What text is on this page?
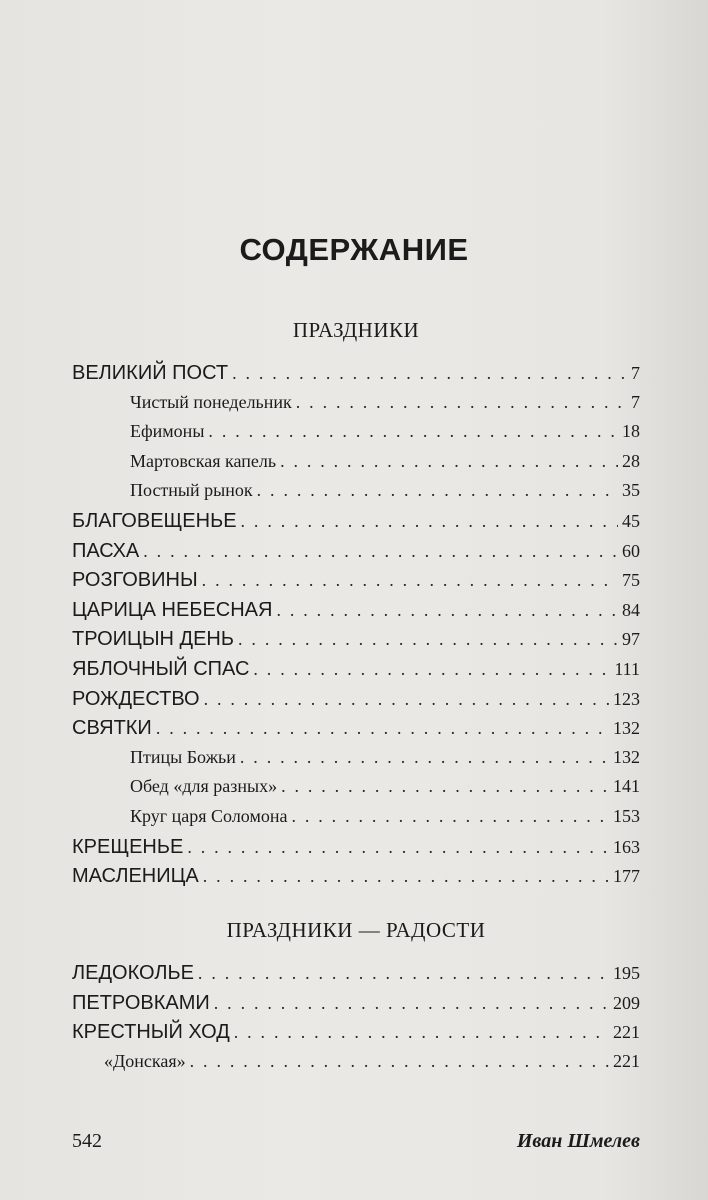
СОДЕРЖАНИЕ
ПРАЗДНИКИ
ВЕЛИКИЙ ПОСТ . . .	7
Чистый понедельник . . .	7
Ефимоны . . .	18
Мартовская капель . . .	28
Постный рынок . . .	35
БЛАГОВЕЩЕНЬЕ . . .	45
ПАСХА . . .	60
РОЗГОВИНЫ . . .	75
ЦАРИЦА НЕБЕСНАЯ . . .	84
ТРОИЦЫН ДЕНЬ . . .	97
ЯБЛОЧНЫЙ СПАС . . .	111
РОЖДЕСТВО . . .	123
СВЯТКИ . . .	132
Птицы Божьи . . .	132
Обед «для разных» . . .	141
Круг царя Соломона . . .	153
КРЕЩЕНЬЕ . . .	163
МАСЛЕНИЦА . . .	177
ПРАЗДНИКИ — РАДОСТИ
ЛЕДОКОЛЬЕ . . .	195
ПЕТРОВКАМИ . . .	209
КРЕСТНЫЙ ХОД . . .	221
«Донская» . . .	221
542	Иван Шмелев
